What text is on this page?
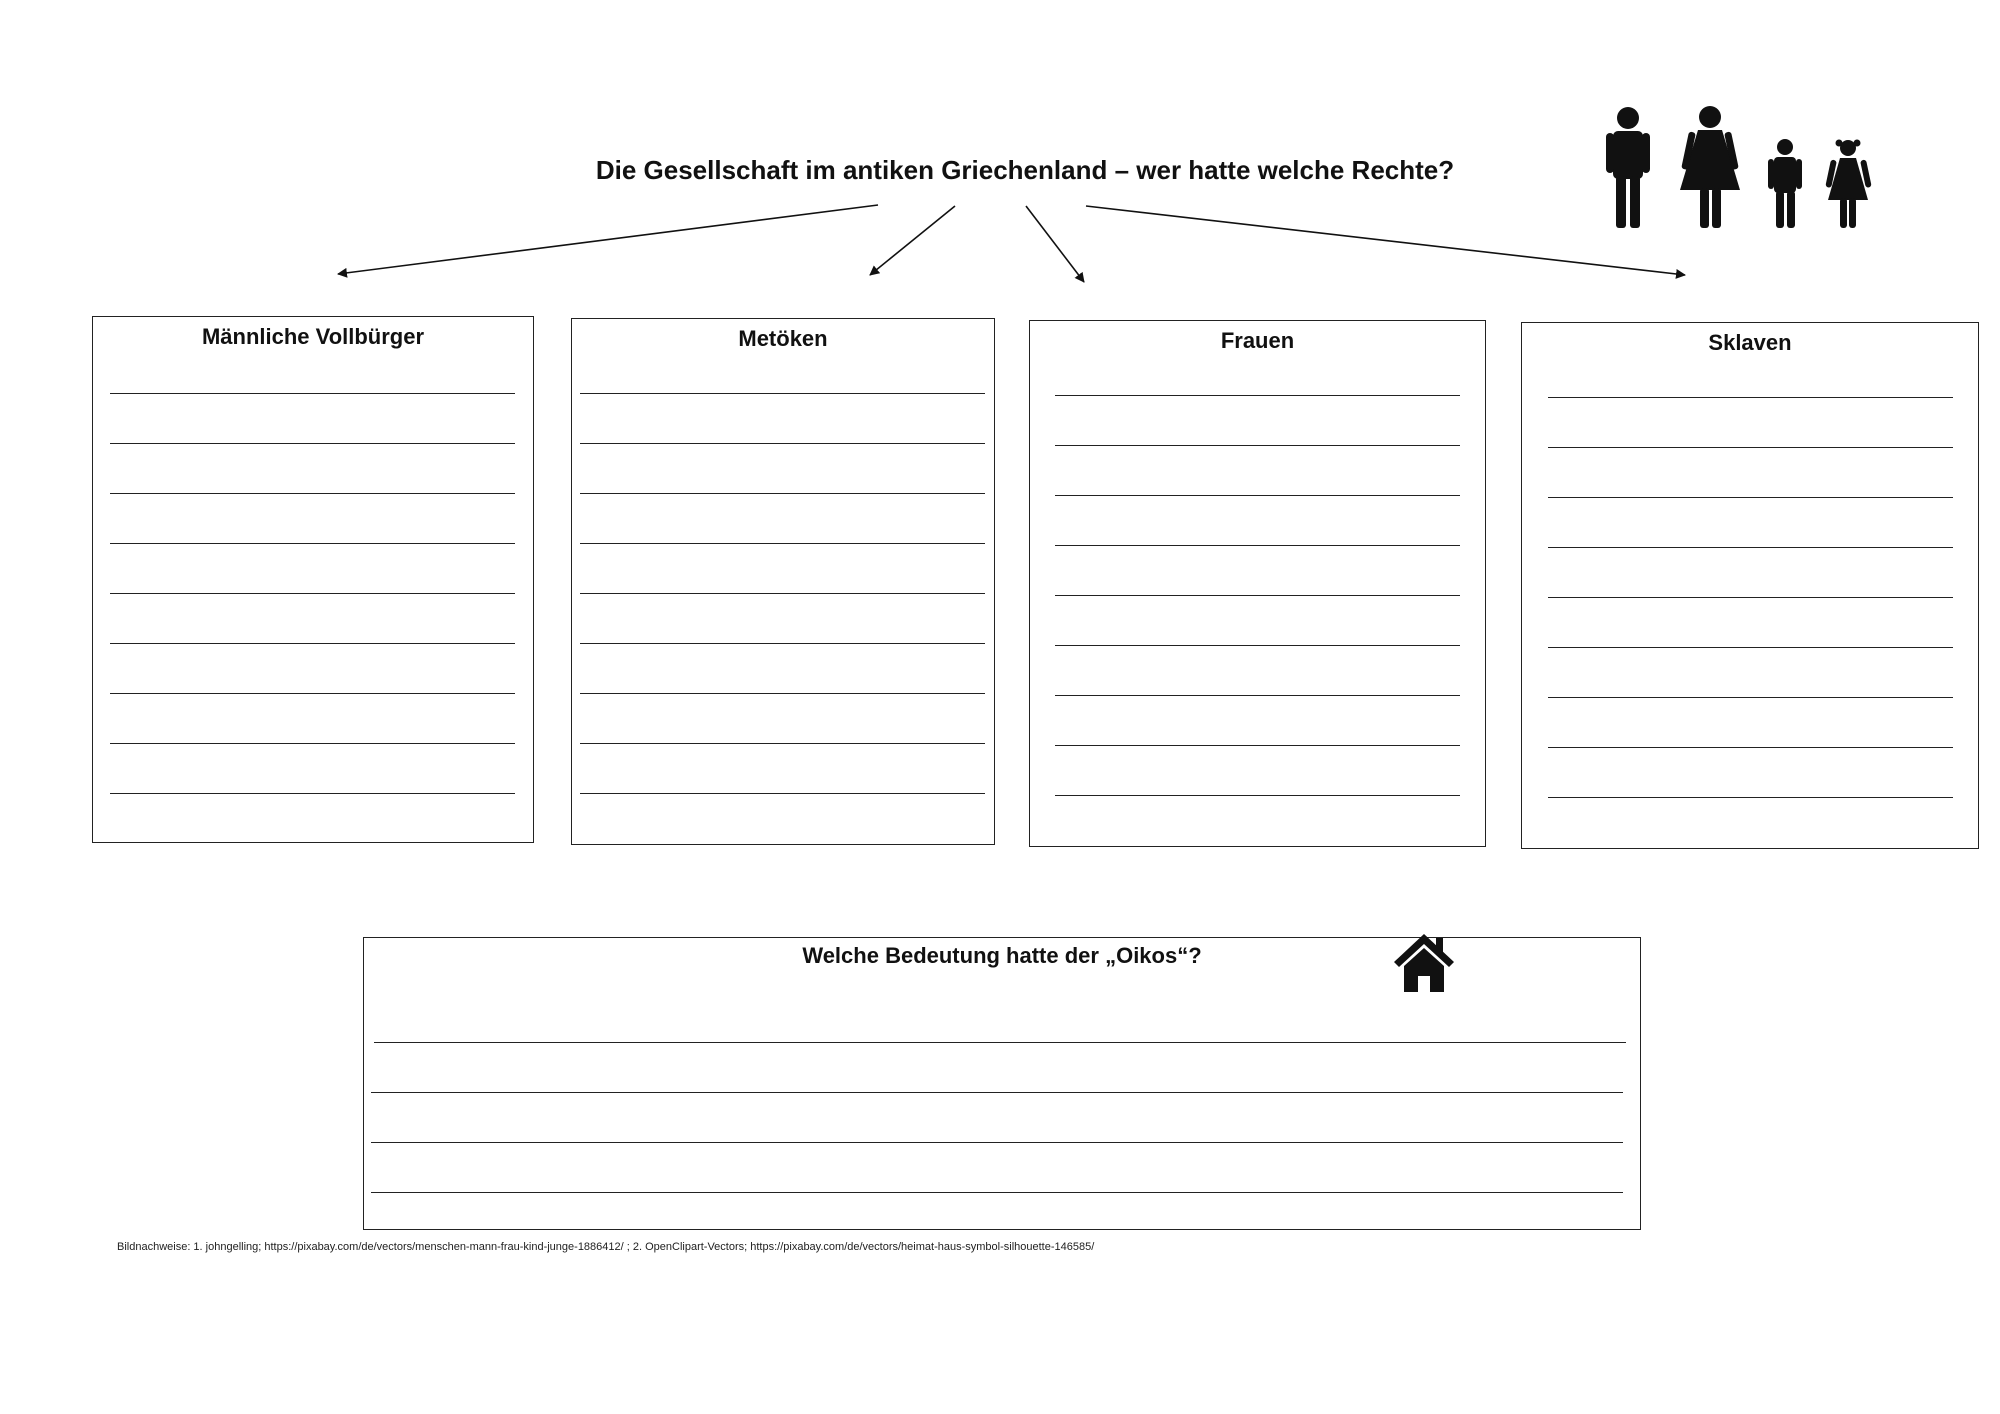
Die Gesellschaft im antiken Griechenland – wer hatte welche Rechte?
Männliche Vollbürger	Metöken	Frauen	Sklaven
Welche Bedeutung hatte der „Oikos“?
Bildnachweise: 1. johngelling; https://pixabay.com/de/vectors/menschen-mann-frau-kind-junge-1886412/ ; 2. OpenClipart-Vectors; https://pixabay.com/de/vectors/heimat-haus-symbol-silhouette-146585/
